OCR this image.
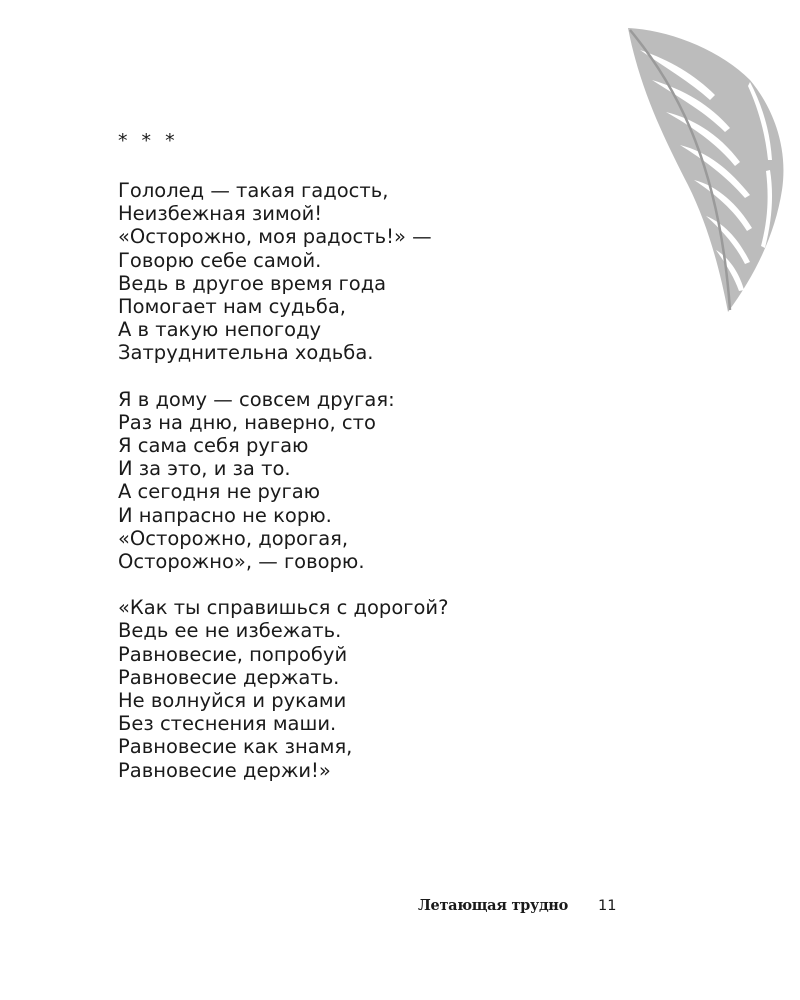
* * *
Гололед — такая гадость,
Неизбежная зимой!
«Осторожно, моя радость!» —
Говорю себе самой.
Ведь в другое время года
Помогает нам судьба,
А в такую непогоду
Затруднительна ходьба.
Я в дому — совсем другая:
Раз на дню, наверно, сто
Я сама себя ругаю
И за это, и за то.
А сегодня не ругаю
И напрасно не корю.
«Осторожно, дорогая,
Осторожно», — говорю.
«Как ты справишься с дорогой?
Ведь ее не избежать.
Равновесие, попробуй
Равновесие держать.
Не волнуйся и руками
Без стеснения маши.
Равновесие как знамя,
Равновесие держи!»
Летающая трудно 11
